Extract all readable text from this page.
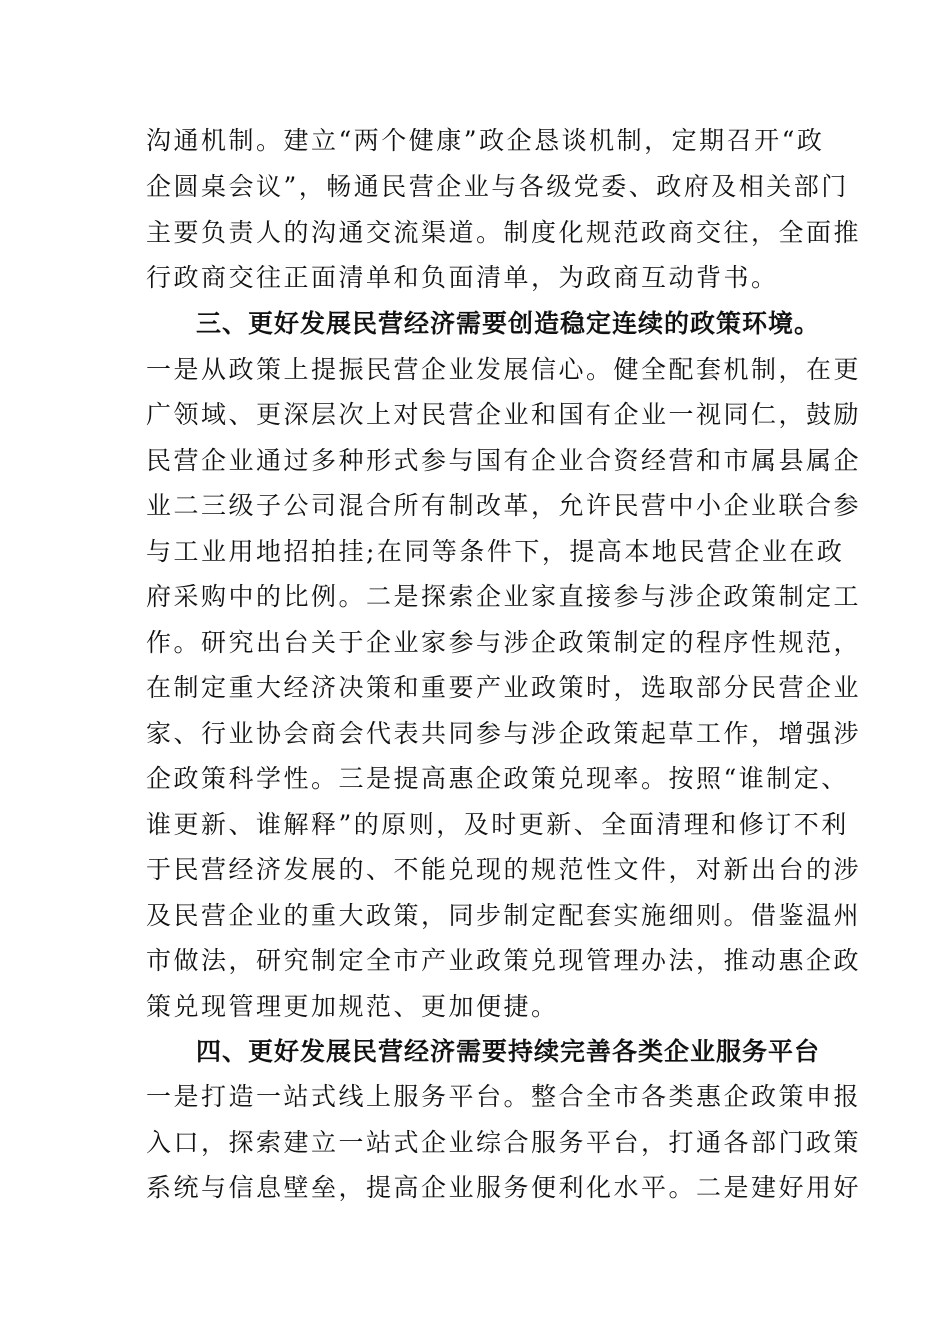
沟通机制。建立“两个健康”政企恳谈机制，定期召开“政
企圆桌会议”，畅通民营企业与各级党委、政府及相关部门
主要负责人的沟通交流渠道。制度化规范政商交往，全面推
行政商交往正面清单和负面清单，为政商互动背书。
三、更好发展民营经济需要创造稳定连续的政策环境。
一是从政策上提振民营企业发展信心。健全配套机制，在更
广领域、更深层次上对民营企业和国有企业一视同仁，鼓励
民营企业通过多种形式参与国有企业合资经营和市属县属企
业二三级子公司混合所有制改革，允许民营中小企业联合参
与工业用地招拍挂;在同等条件下，提高本地民营企业在政
府采购中的比例。二是探索企业家直接参与涉企政策制定工
作。研究出台关于企业家参与涉企政策制定的程序性规范，
在制定重大经济决策和重要产业政策时，选取部分民营企业
家、行业协会商会代表共同参与涉企政策起草工作，增强涉
企政策科学性。三是提高惠企政策兑现率。按照“谁制定、
谁更新、谁解释”的原则，及时更新、全面清理和修订不利
于民营经济发展的、不能兑现的规范性文件，对新出台的涉
及民营企业的重大政策，同步制定配套实施细则。借鉴温州
市做法，研究制定全市产业政策兑现管理办法，推动惠企政
策兑现管理更加规范、更加便捷。
四、更好发展民营经济需要持续完善各类企业服务平台
一是打造一站式线上服务平台。整合全市各类惠企政策申报
入口，探索建立一站式企业综合服务平台，打通各部门政策
系统与信息壁垒，提高企业服务便利化水平。二是建好用好
